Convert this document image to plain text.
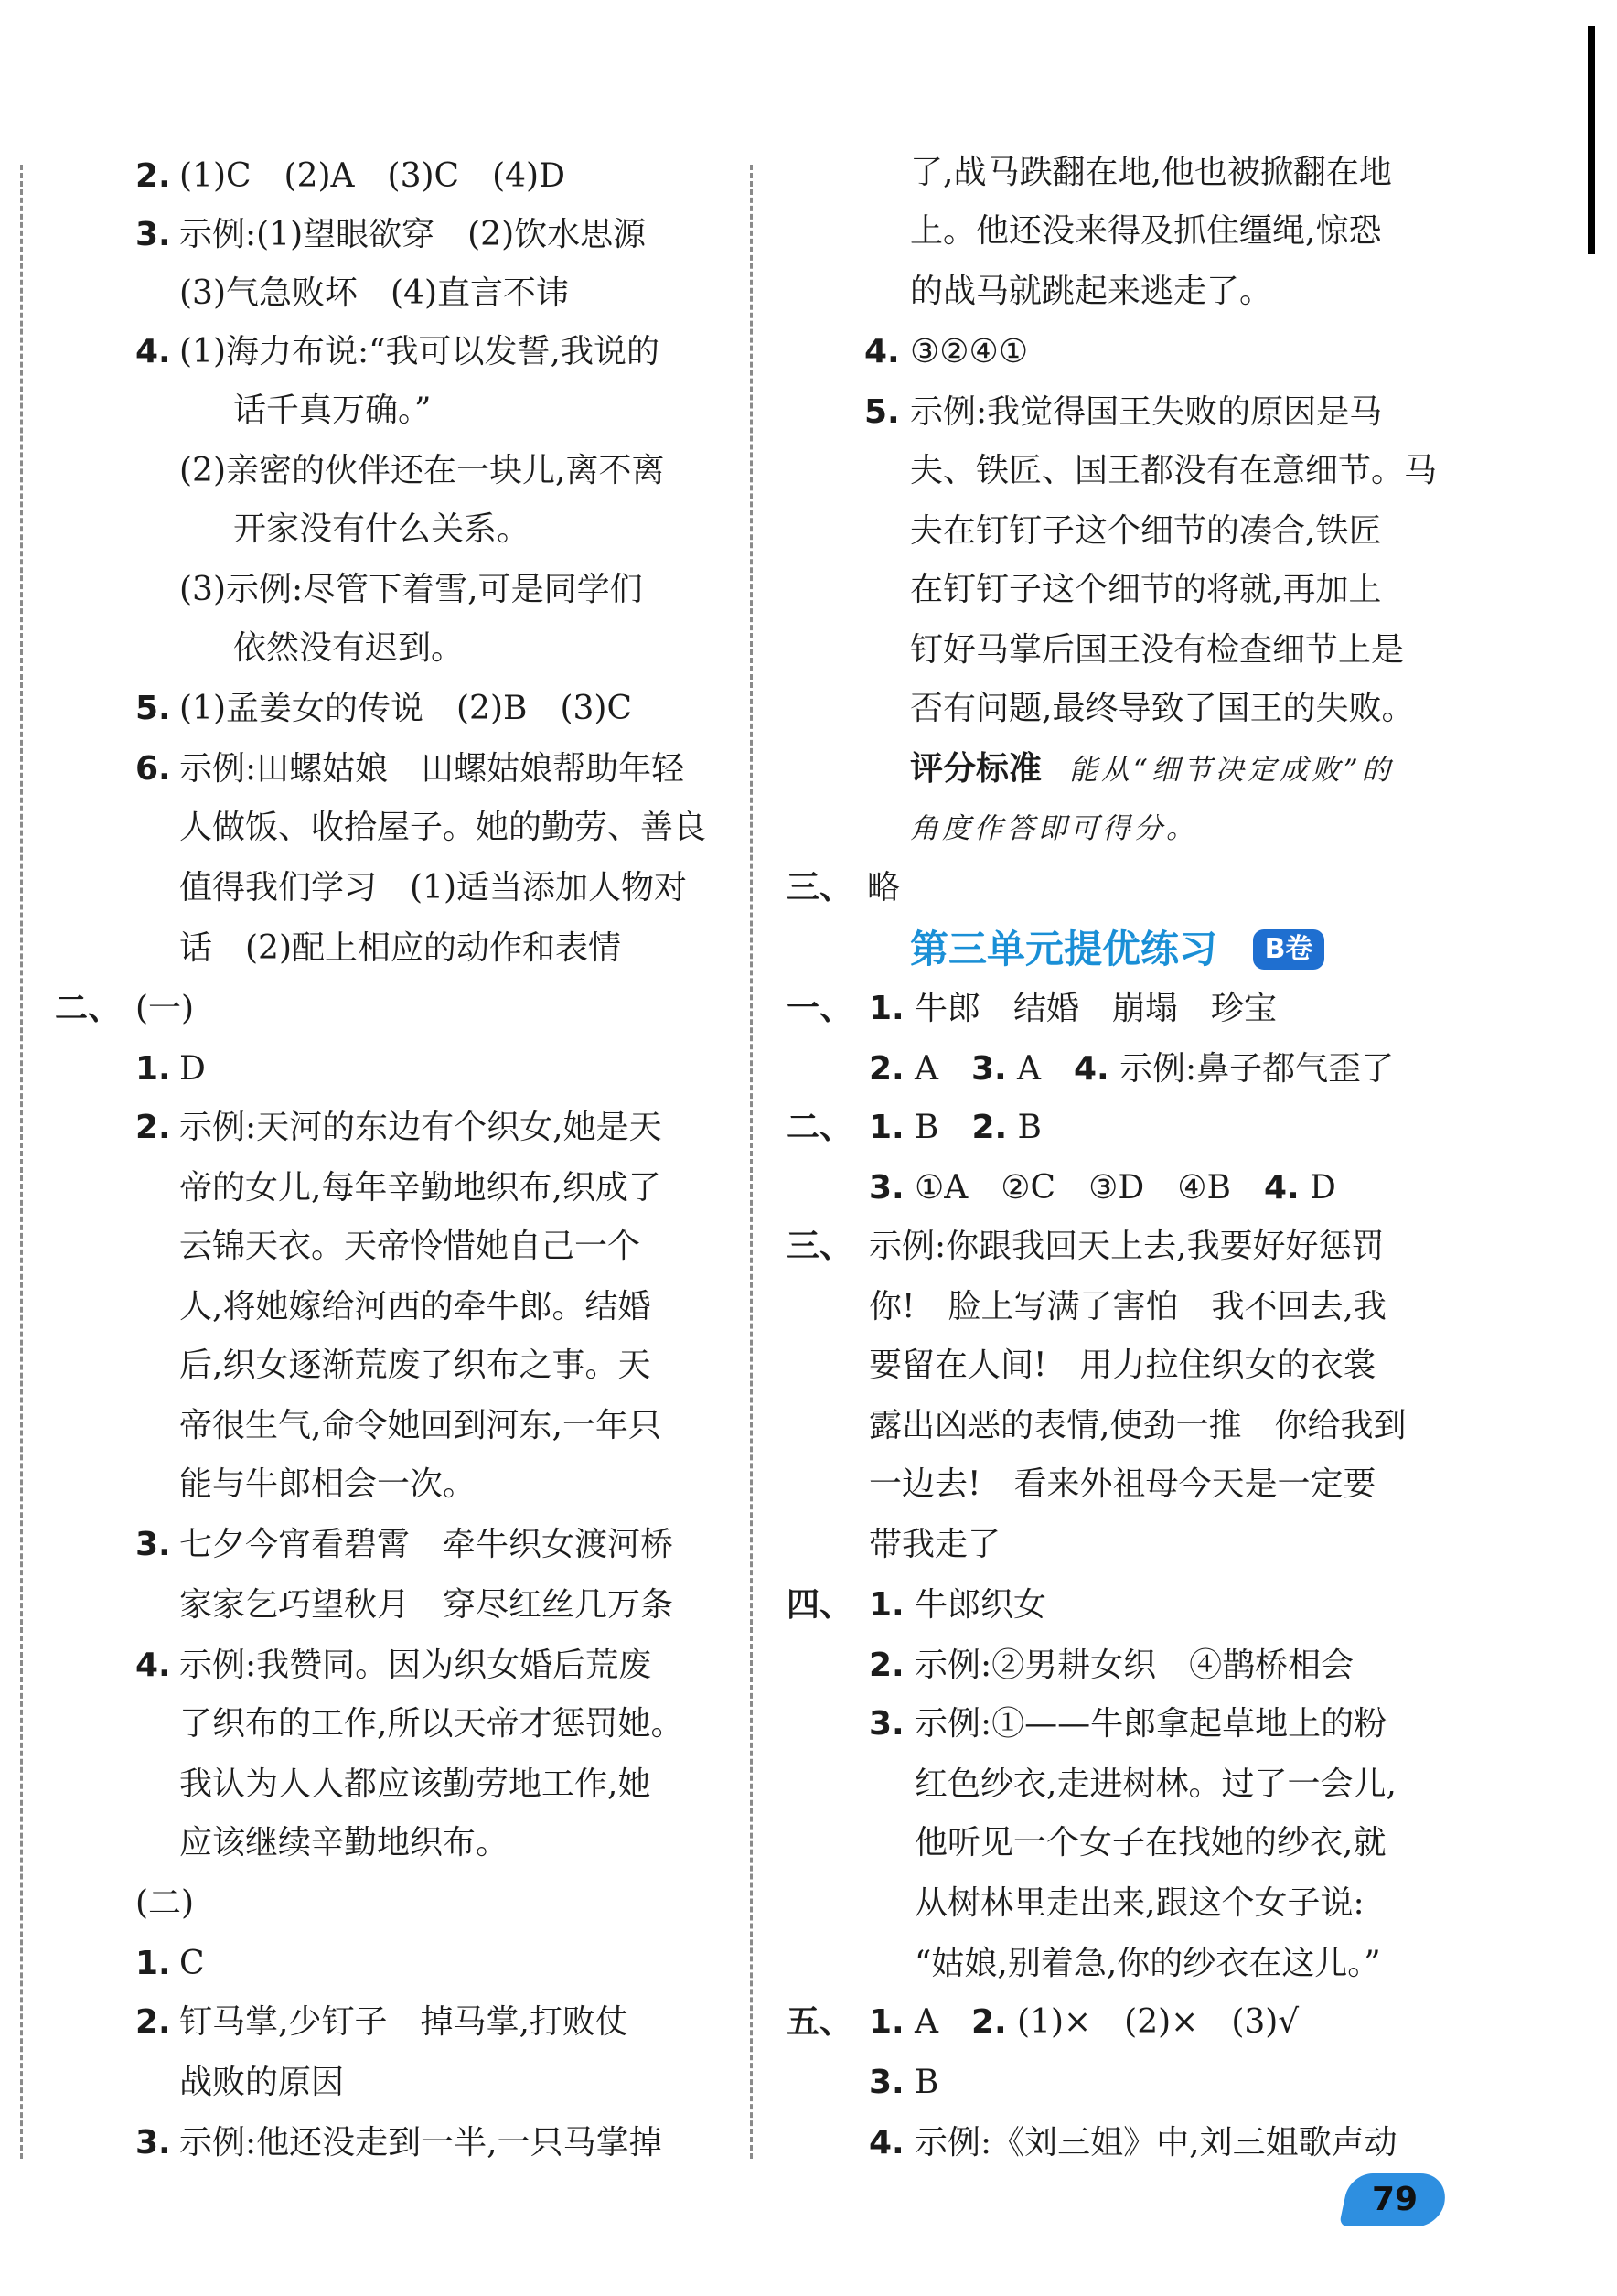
2. (1)C　(2)A　(3)C　(4)D
3. 示例:(1)望眼欲穿　(2)饮水思源
(3)气急败坏　(4)直言不讳
4. (1)海力布说:“我可以发誓,我说的
话千真万确。”
(2)亲密的伙伴还在一块儿,离不离
开家没有什么关系。
(3)示例:尽管下着雪,可是同学们
依然没有迟到。
5. (1)孟姜女的传说　(2)B　(3)C
6. 示例:田螺姑娘　田螺姑娘帮助年轻
人做饭、收拾屋子。她的勤劳、善良
值得我们学习　(1)适当添加人物对
话　(2)配上相应的动作和表情
二、 (一)
1. D
2. 示例:天河的东边有个织女,她是天
帝的女儿,每年辛勤地织布,织成了
云锦天衣。天帝怜惜她自己一个
人,将她嫁给河西的牵牛郎。结婚
后,织女逐渐荒废了织布之事。天
帝很生气,命令她回到河东,一年只
能与牛郎相会一次。
3. 七夕今宵看碧霄　牵牛织女渡河桥
家家乞巧望秋月　穿尽红丝几万条
4. 示例:我赞同。因为织女婚后荒废
了织布的工作,所以天帝才惩罚她。
我认为人人都应该勤劳地工作,她
应该继续辛勤地织布。
(二)
1. C
2. 钉马掌,少钉子　掉马掌,打败仗
战败的原因
3. 示例:他还没走到一半,一只马掌掉
了,战马跌翻在地,他也被掀翻在地
上。他还没来得及抓住缰绳,惊恐
的战马就跳起来逃走了。
4. ③②④①
5. 示例:我觉得国王失败的原因是马
夫、铁匠、国王都没有在意细节。马
夫在钉钉子这个细节的凑合,铁匠
在钉钉子这个细节的将就,再加上
钉好马掌后国王没有检查细节上是
否有问题,最终导致了国王的失败。
评分标准 能从“细节决定成败”的
角度作答即可得分。
三、 略
第三单元提优练习	B卷
一、 1. 牛郎　结婚　崩塌　珍宝
2. A　3. A　4. 示例:鼻子都气歪了
二、 1. B　2. B
3. ①A　②C　③D　④B　4. D
三、 示例:你跟我回天上去,我要好好惩罚
你!　脸上写满了害怕　我不回去,我
要留在人间!　用力拉住织女的衣裳
露出凶恶的表情,使劲一推　你给我到
一边去!　看来外祖母今天是一定要
带我走了
四、 1. 牛郎织女
2. 示例:②男耕女织　④鹊桥相会
3. 示例:①——牛郎拿起草地上的粉
红色纱衣,走进树林。过了一会儿,
他听见一个女子在找她的纱衣,就
从树林里走出来,跟这个女子说:
“姑娘,别着急,你的纱衣在这儿。”
五、 1. A　2. (1)×　(2)×　(3)√
3. B
4. 示例:《刘三姐》中,刘三姐歌声动
79
